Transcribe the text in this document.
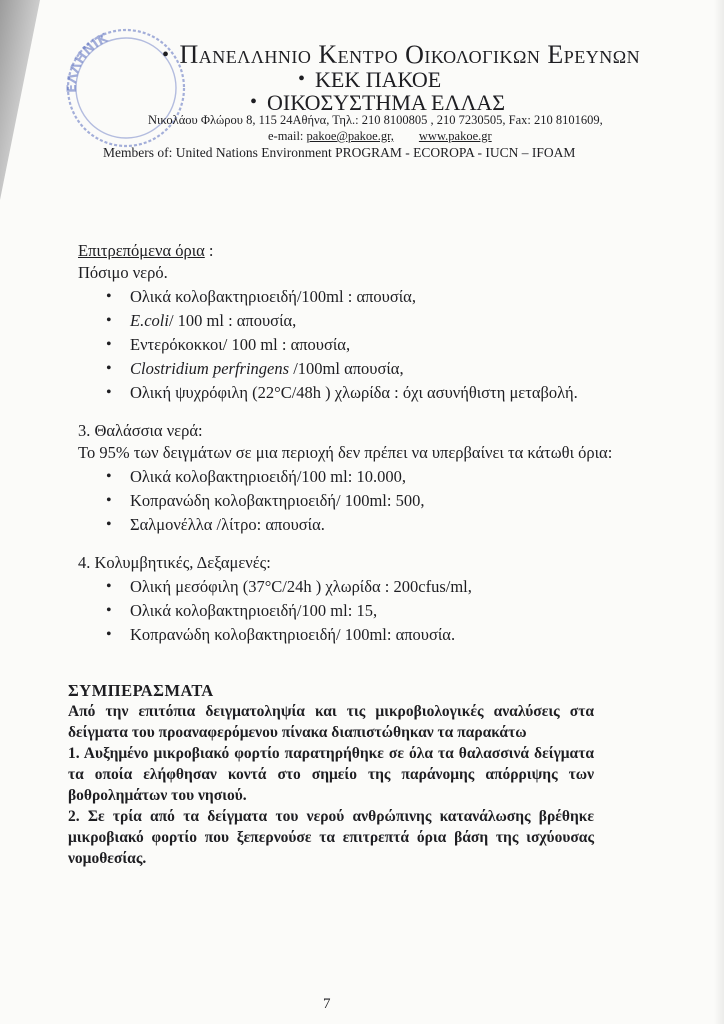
ΕΛΛΗΝΙΚ
• Πανελληνιο Κεντρο Οικολογικων Ερευνων
• ΚΕΚ ΠΑΚΟΕ
• ΟΙΚΟΣΥΣΤΗΜΑ ΕΛΛΑΣ
Νικολάου Φλώρου 8, 115 24Αθήνα, Τηλ.: 210 8100805 , 210 7230505, Fax: 210 8101609,
e-mail: pakoe@pakoe.gr, www.pakoe.gr
Members of: United Nations Environment PROGRAM - ECOROPA - IUCN – IFOAM

Επιτρεπόμενα όρια :

Πόσιμο νερό.

• Ολικά κολοβακτηριοειδή/100ml : απουσία,
• E.coli/ 100 ml : απουσία,
• Εντερόκοκκοι/ 100 ml : απουσία,
• Clostridium perfringens /100ml απουσία,
• Ολική ψυχρόφιλη (22°C/48h ) χλωρίδα : όχι ασυνήθιστη μεταβολή.

3. Θαλάσσια νερά:

Το 95% των δειγμάτων σε μια περιοχή δεν πρέπει να υπερβαίνει τα κάτωθι όρια:

• Ολικά κολοβακτηριοειδή/100 ml: 10.000,
• Κοπρανώδη κολοβακτηριοειδή/ 100ml: 500,
• Σαλμονέλλα /λίτρο: απουσία.

4. Κολυμβητικές, Δεξαμενές:

• Ολική μεσόφιλη (37°C/24h ) χλωρίδα : 200cfus/ml,
• Ολικά κολοβακτηριοειδή/100 ml: 15,
• Κοπρανώδη κολοβακτηριοειδή/ 100ml: απουσία.

ΣΥΜΠΕΡΑΣΜΑΤΑ

Από την επιτόπια δειγματοληψία και τις μικροβιολογικές αναλύσεις στα δείγματα του προαναφερόμενου πίνακα διαπιστώθηκαν τα παρακάτω

1. Αυξημένο μικροβιακό φορτίο παρατηρήθηκε σε όλα τα θαλασσινά δείγματα τα οποία ελήφθησαν κοντά στο σημείο της παράνομης απόρριψης των βοθρολημάτων του νησιού.

2. Σε τρία από τα δείγματα του νερού ανθρώπινης κατανάλωσης βρέθηκε μικροβιακό φορτίο που ξεπερνούσε τα επιτρεπτά όρια βάση της ισχύουσας νομοθεσίας.

7
